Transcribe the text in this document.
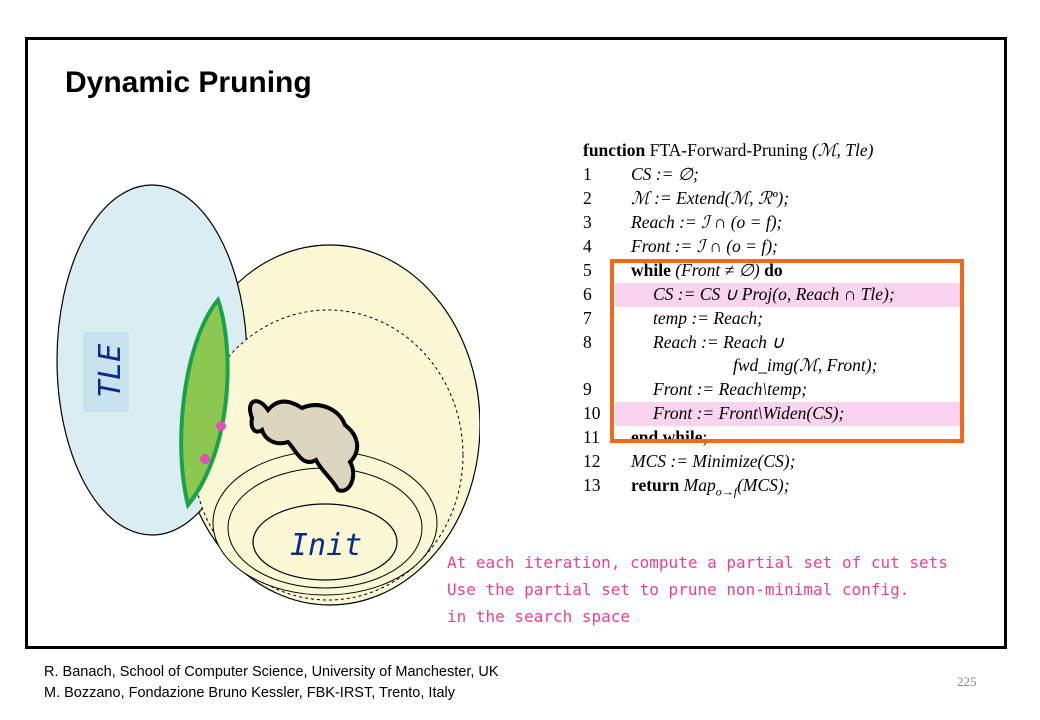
Dynamic Pruning
TLE
Init
function FTA-Forward-Pruning (ℳ, Tle)
1	CS := ∅;
2	ℳ := Extend(ℳ, ℛº);
3	Reach := ℐ ∩ (o = f);
4	Front := ℐ ∩ (o = f);
5	while (Front ≠ ∅) do
6	CS := CS ∪ Proj(o, Reach ∩ Tle);
7	temp := Reach;
8	Reach := Reach ∪
fwd_img(ℳ, Front);
9	Front := Reach\temp;
10	Front := Front\Widen(CS);
11	end while;
12	MCS := Minimize(CS);
13	return Map$_{o\to f}$(MCS);
At each iteration, compute a partial set of cut sets
Use the partial set to prune non-minimal config.
in the search space
R. Banach, School of Computer Science, University of Manchester, UK
M. Bozzano, Fondazione Bruno Kessler, FBK-IRST, Trento, Italy
225
